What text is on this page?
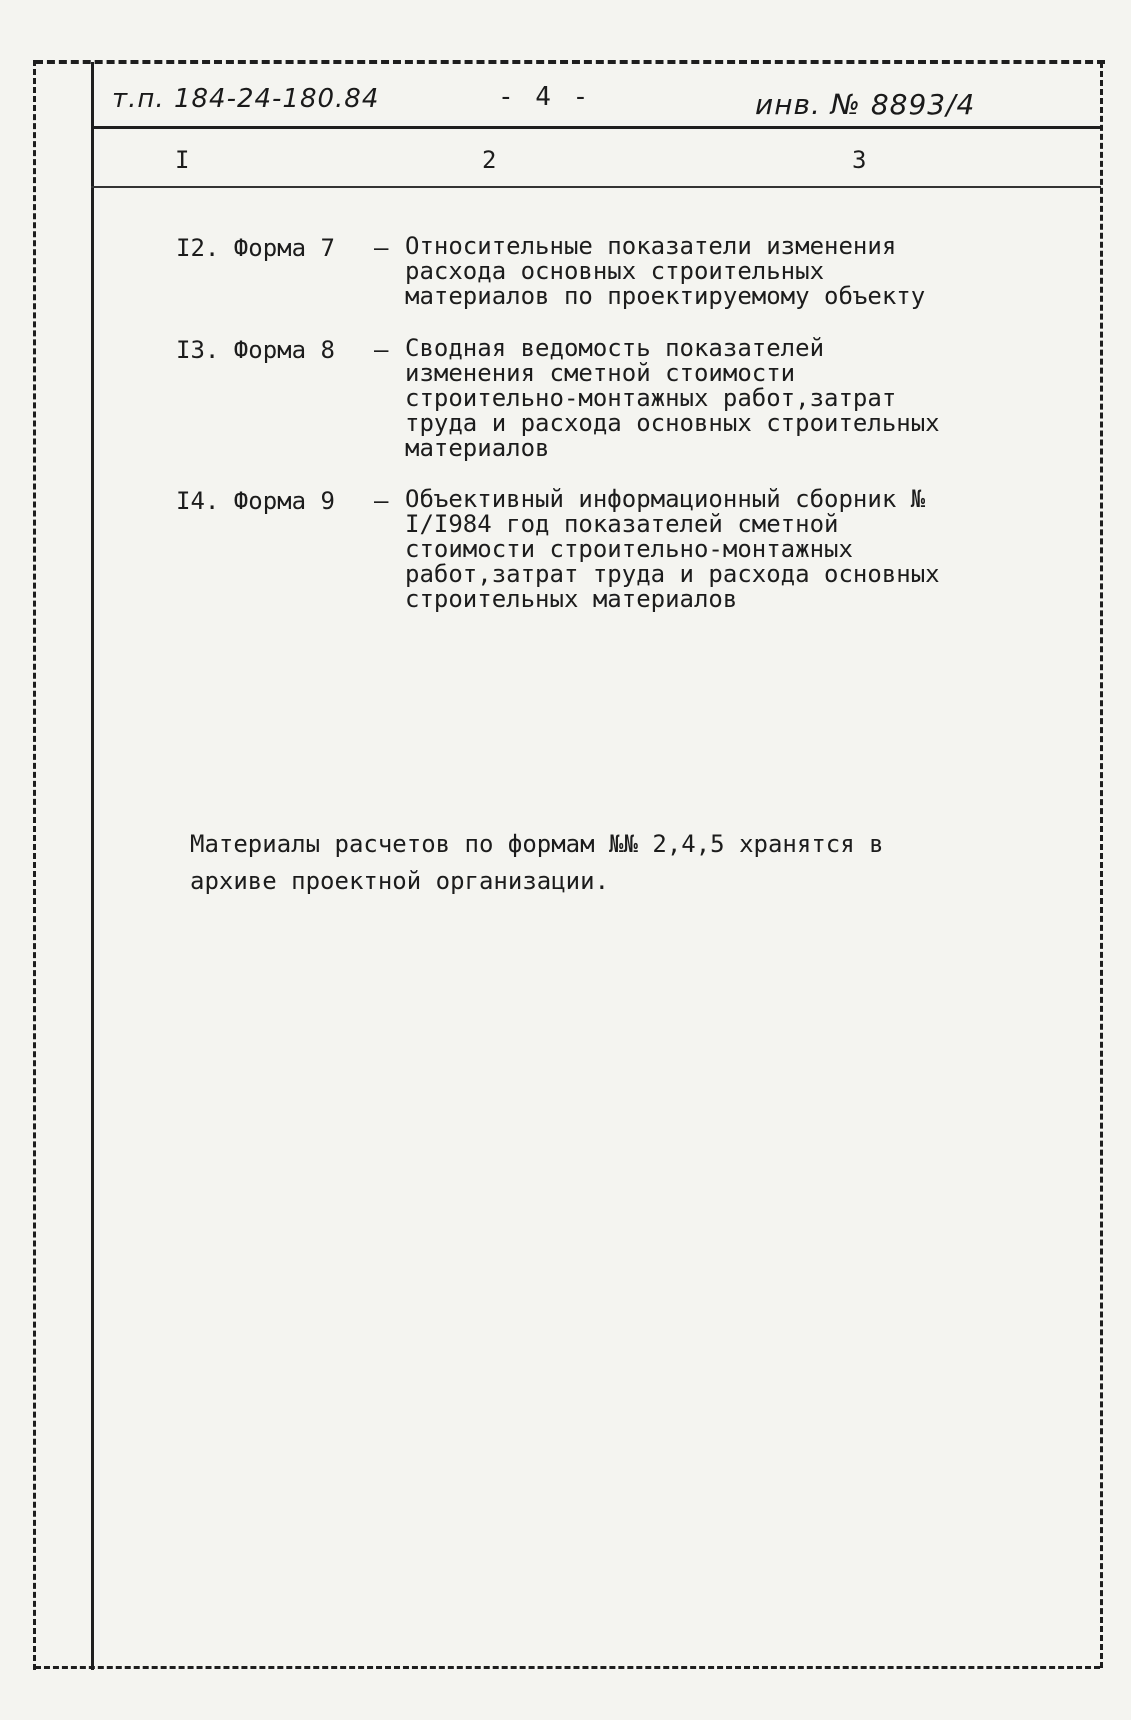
т.п. 184-24-180.84	- 4 -	инв. № 8893/4
I	2	3
I2. Форма 7	– Относительные показатели изменения расхода основных строительных материалов по проектируемому объекту
I3. Форма 8	– Сводная ведомость показателей изменения сметной стоимости строительно-монтажных работ,затрат труда и расхода основных строительных материалов
I4. Форма 9	– Объективный информационный сборник № I/I984 год показателей сметной стоимости строительно-монтажных работ,затрат труда и расхода основных строительных материалов
Материалы расчетов по формам №№ 2,4,5 хранятся в архиве проектной организации.
